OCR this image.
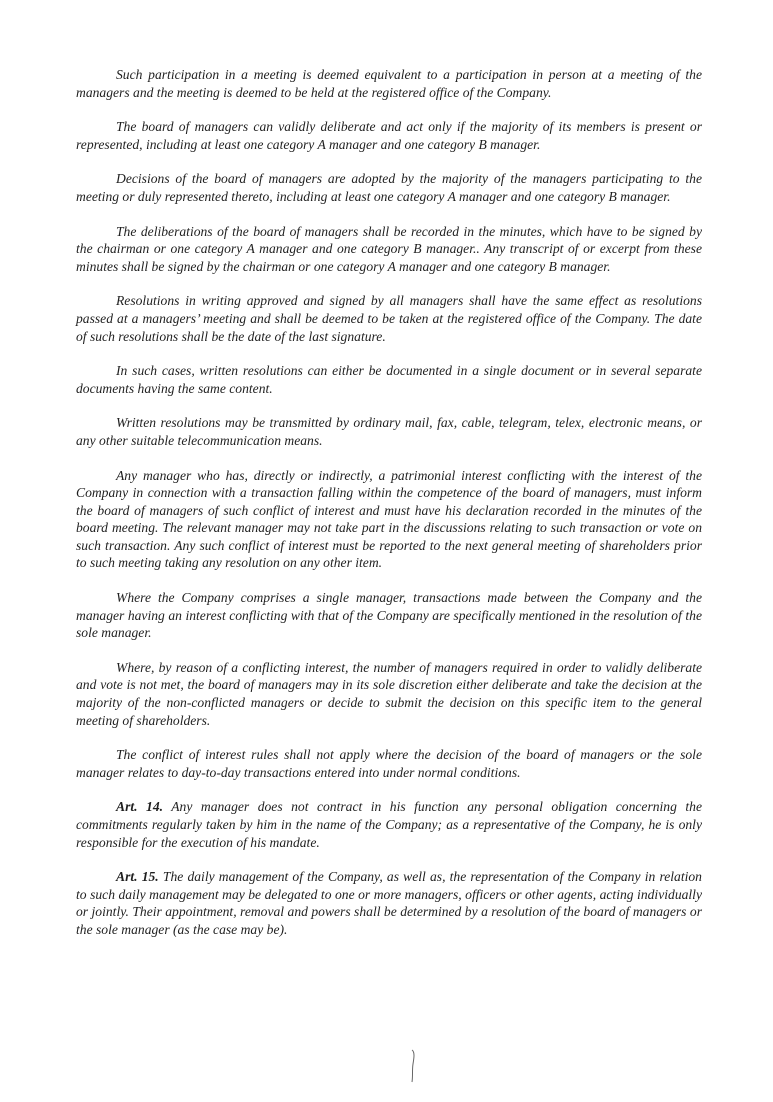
Such participation in a meeting is deemed equivalent to a participation in person at a meeting of the managers and the meeting is deemed to be held at the registered office of the Company.

The board of managers can validly deliberate and act only if the majority of its members is present or represented, including at least one category A manager and one category B manager.

Decisions of the board of managers are adopted by the majority of the managers participating to the meeting or duly represented thereto, including at least one category A manager and one category B manager.

The deliberations of the board of managers shall be recorded in the minutes, which have to be signed by the chairman or one category A manager and one category B manager.. Any transcript of or excerpt from these minutes shall be signed by the chairman or one category A manager and one category B manager.

Resolutions in writing approved and signed by all managers shall have the same effect as resolutions passed at a managers’ meeting and shall be deemed to be taken at the registered office of the Company. The date of such resolutions shall be the date of the last signature.

In such cases, written resolutions can either be documented in a single document or in several separate documents having the same content.

Written resolutions may be transmitted by ordinary mail, fax, cable, telegram, telex, electronic means, or any other suitable telecommunication means.

Any manager who has, directly or indirectly, a patrimonial interest conflicting with the interest of the Company in connection with a transaction falling within the competence of the board of managers, must inform the board of managers of such conflict of interest and must have his declaration recorded in the minutes of the board meeting. The relevant manager may not take part in the discussions relating to such transaction or vote on such transaction. Any such conflict of interest must be reported to the next general meeting of shareholders prior to such meeting taking any resolution on any other item.

Where the Company comprises a single manager, transactions made between the Company and the manager having an interest conflicting with that of the Company are specifically mentioned in the resolution of the sole manager.

Where, by reason of a conflicting interest, the number of managers required in order to validly deliberate and vote is not met, the board of managers may in its sole discretion either deliberate and take the decision at the majority of the non-conflicted managers or decide to submit the decision on this specific item to the general meeting of shareholders.

The conflict of interest rules shall not apply where the decision of the board of managers or the sole manager relates to day-to-day transactions entered into under normal conditions.

Art. 14. Any manager does not contract in his function any personal obligation concerning the commitments regularly taken by him in the name of the Company; as a representative of the Company, he is only responsible for the execution of his mandate.

Art. 15. The daily management of the Company, as well as, the representation of the Company in relation to such daily management may be delegated to one or more managers, officers or other agents, acting individually or jointly. Their appointment, removal and powers shall be determined by a resolution of the board of managers or the sole manager (as the case may be).
